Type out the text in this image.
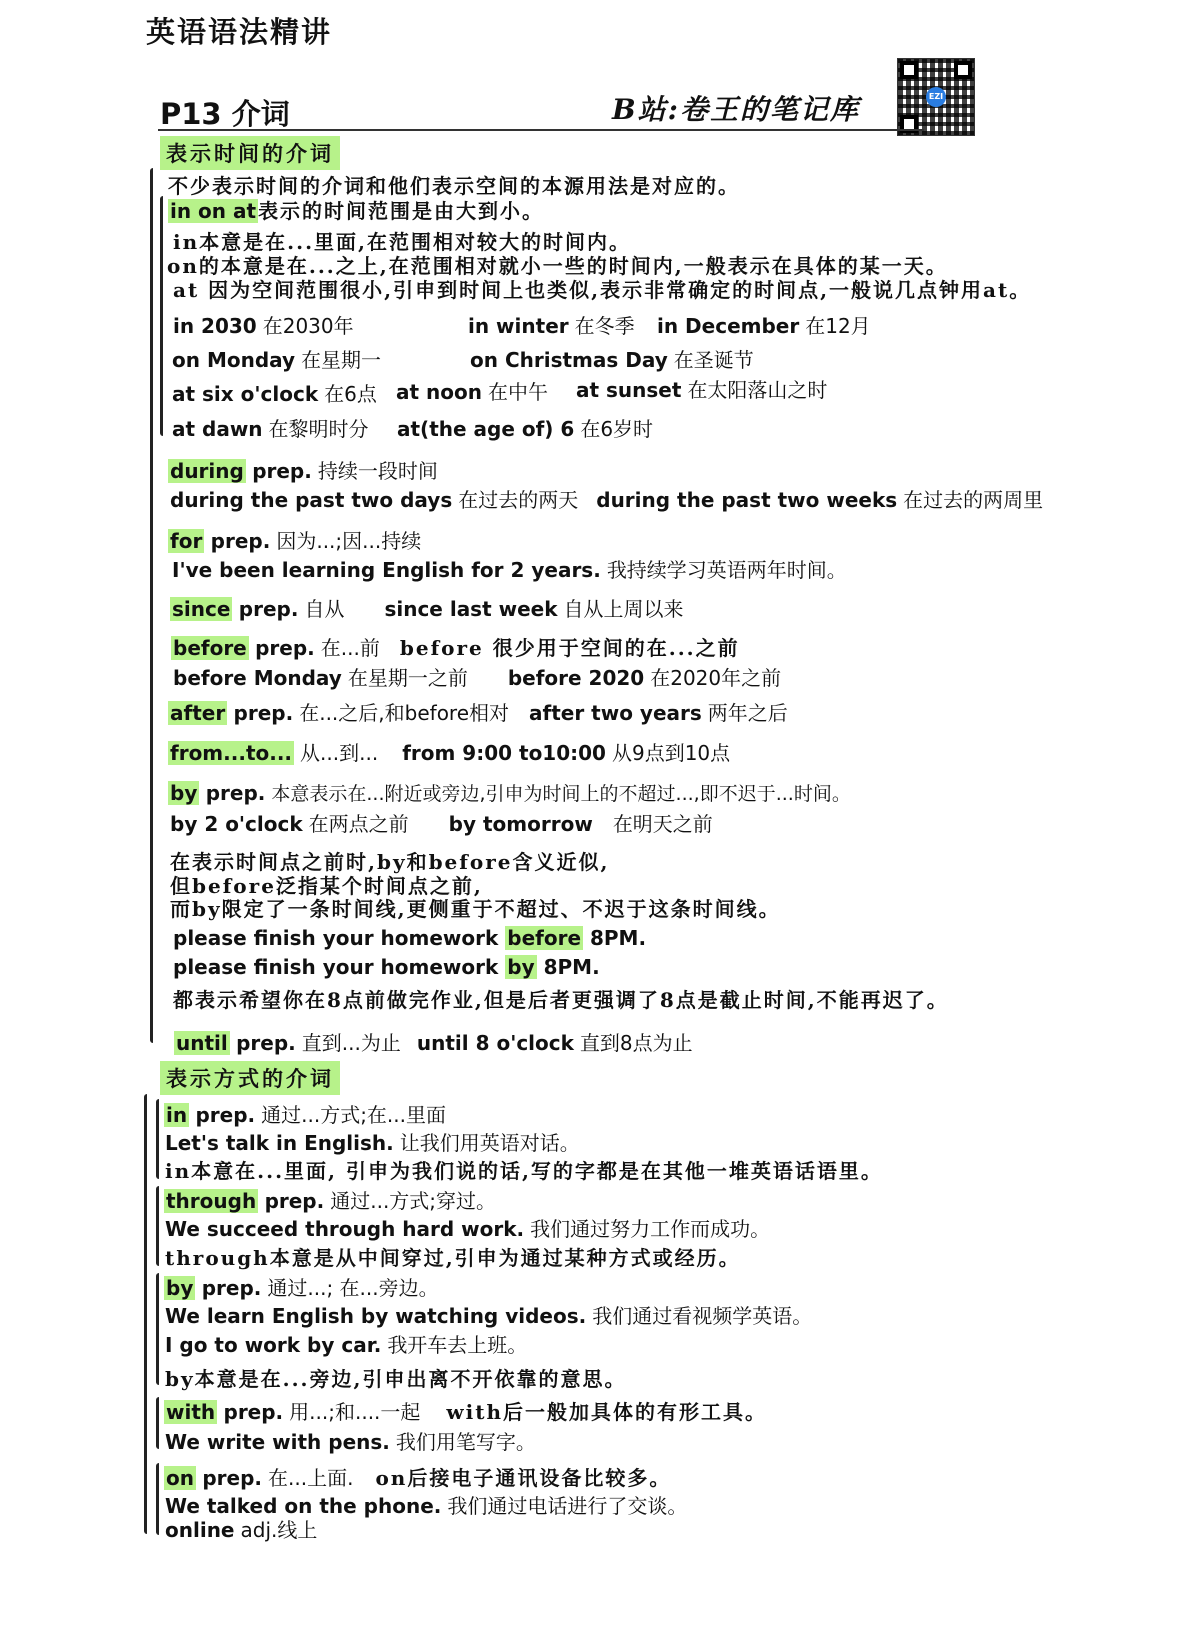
英语语法精讲
P13 介词	B站:卷王的笔记库	EZI
表示时间的介词
不少表示时间的介词和他们表示空间的本源用法是对应的。
in on at 表示的时间范围是由大到小。
in本意是在...里面,在范围相对较大的时间内。
on的本意是在...之上,在范围相对就小一些的时间内,一般表示在具体的某一天。
at 因为空间范围很小,引申到时间上也类似,表示非常确定的时间点,一般说几点钟用at。
in 2030 在2030年	in winter 在冬季 in December 在12月
on Monday 在星期一	on Christmas Day 在圣诞节
at six o'clock 在6点 at noon 在中午 at sunset 在太阳落山之时
at dawn 在黎明时分 at(the age of) 6 在6岁时
during prep. 持续一段时间
during the past two days 在过去的两天 during the past two weeks 在过去的两周里
for prep. 因为...;因...持续
I've been learning English for 2 years. 我持续学习英语两年时间。
since prep. 自从 since last week 自从上周以来
before prep. 在...前 before 很少用于空间的在...之前
before Monday 在星期一之前 before 2020 在2020年之前
after prep. 在...之后,和before相对 after two years 两年之后
from...to... 从...到... from 9:00 to10:00 从9点到10点
by prep. 本意表示在...附近或旁边,引申为时间上的不超过...,即不迟于...时间。
by 2 o'clock 在两点之前 by tomorrow 在明天之前
在表示时间点之前时,by和before含义近似,
但before泛指某个时间点之前,
而by限定了一条时间线,更侧重于不超过、不迟于这条时间线。
please finish your homework before 8PM.
please finish your homework by 8PM.
都表示希望你在8点前做完作业,但是后者更强调了8点是截止时间,不能再迟了。
until prep. 直到...为止 until 8 o'clock 直到8点为止
表示方式的介词
in prep. 通过...方式;在...里面
Let's talk in English. 让我们用英语对话。
in本意在...里面, 引申为我们说的话,写的字都是在其他一堆英语话语里。
through prep. 通过...方式;穿过。
We succeed through hard work. 我们通过努力工作而成功。
through本意是从中间穿过,引申为通过某种方式或经历。
by prep. 通过...; 在...旁边。
We learn English by watching videos. 我们通过看视频学英语。
I go to work by car. 我开车去上班。
by本意是在...旁边,引申出离不开依靠的意思。
with prep. 用...;和....一起 with后一般加具体的有形工具。
We write with pens. 我们用笔写字。
on prep. 在...上面. on后接电子通讯设备比较多。
We talked on the phone. 我们通过电话进行了交谈。
online adj.线上
